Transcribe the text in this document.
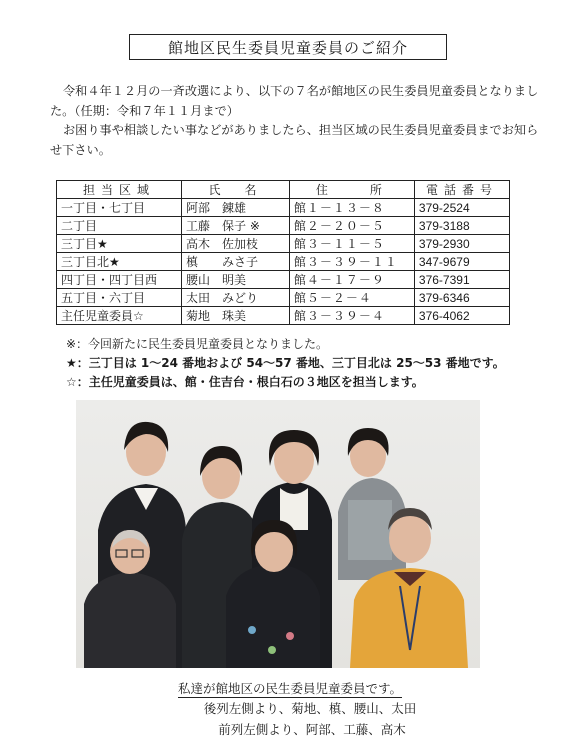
館地区民生委員児童委員のご紹介

令和４年１２月の一斉改選により、以下の７名が館地区の民生委員児童委員となりました。（任期：令和７年１１月まで）

お困り事や相談したい事などがありましたら、担当区域の民生委員児童委員までお知らせ下さい。

担当区域	氏　名	住　　所	電話番号
一丁目・七丁目	阿部　錬雄	館１－１３－８	379-2524
二丁目	工藤　保子 ※	館２－２０－５	379-3188
三丁目★	高木　佐加枝	館３－１１－５	379-2930
三丁目北★	槙　　みさ子	館３－３９－１１	347-9679
四丁目・四丁目西	腰山　明美	館４－１７－９	376-7391
五丁目・六丁目	太田　みどり	館５－２－４	379-6346
主任児童委員☆	菊地　珠美	館３－３９－４	376-4062
※：今回新たに民生委員児童委員となりました。
★：三丁目は 1～24 番地および 54～57 番地、三丁目北は 25～53 番地です。
☆：主任児童委員は、館・住吉台・根白石の３地区を担当します。
私達が館地区の民生委員児童委員です。
後列左側より、菊地、槙、腰山、太田
前列左側より、阿部、工藤、高木
